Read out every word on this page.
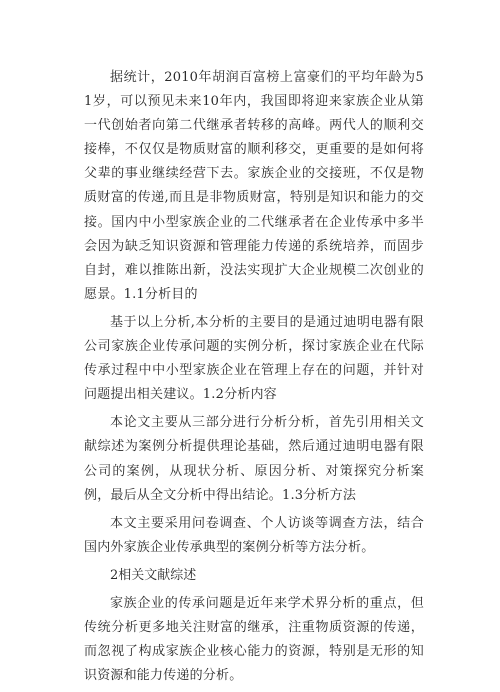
据统计，2010年胡润百富榜上富豪们的平均年龄为51岁，可以预见未来10年内，我国即将迎来家族企业从第一代创始者向第二代继承者转移的高峰。两代人的顺利交接棒，不仅仅是物质财富的顺利移交，更重要的是如何将父辈的事业继续经营下去。家族企业的交接班，不仅是物质财富的传递,而且是非物质财富，特别是知识和能力的交接。国内中小型家族企业的二代继承者在企业传承中多半会因为缺乏知识资源和管理能力传递的系统培养，而固步自封，难以推陈出新，没法实现扩大企业规模二次创业的愿景。1.1分析目的

基于以上分析,本分析的主要目的是通过迪明电器有限公司家族企业传承问题的实例分析，探讨家族企业在代际传承过程中中小型家族企业在管理上存在的问题，并针对问题提出相关建议。1.2分析内容

本论文主要从三部分进行分析分析，首先引用相关文献综述为案例分析提供理论基础，然后通过迪明电器有限公司的案例，从现状分析、原因分析、对策探究分析案例，最后从全文分析中得出结论。1.3分析方法

本文主要采用问卷调查、个人访谈等调查方法，结合国内外家族企业传承典型的案例分析等方法分析。

2相关文献综述

家族企业的传承问题是近年来学术界分析的重点，但传统分析更多地关注财富的继承，注重物质资源的传递，而忽视了构成家族企业核心能力的资源，特别是无形的知识资源和能力传递的分析。
